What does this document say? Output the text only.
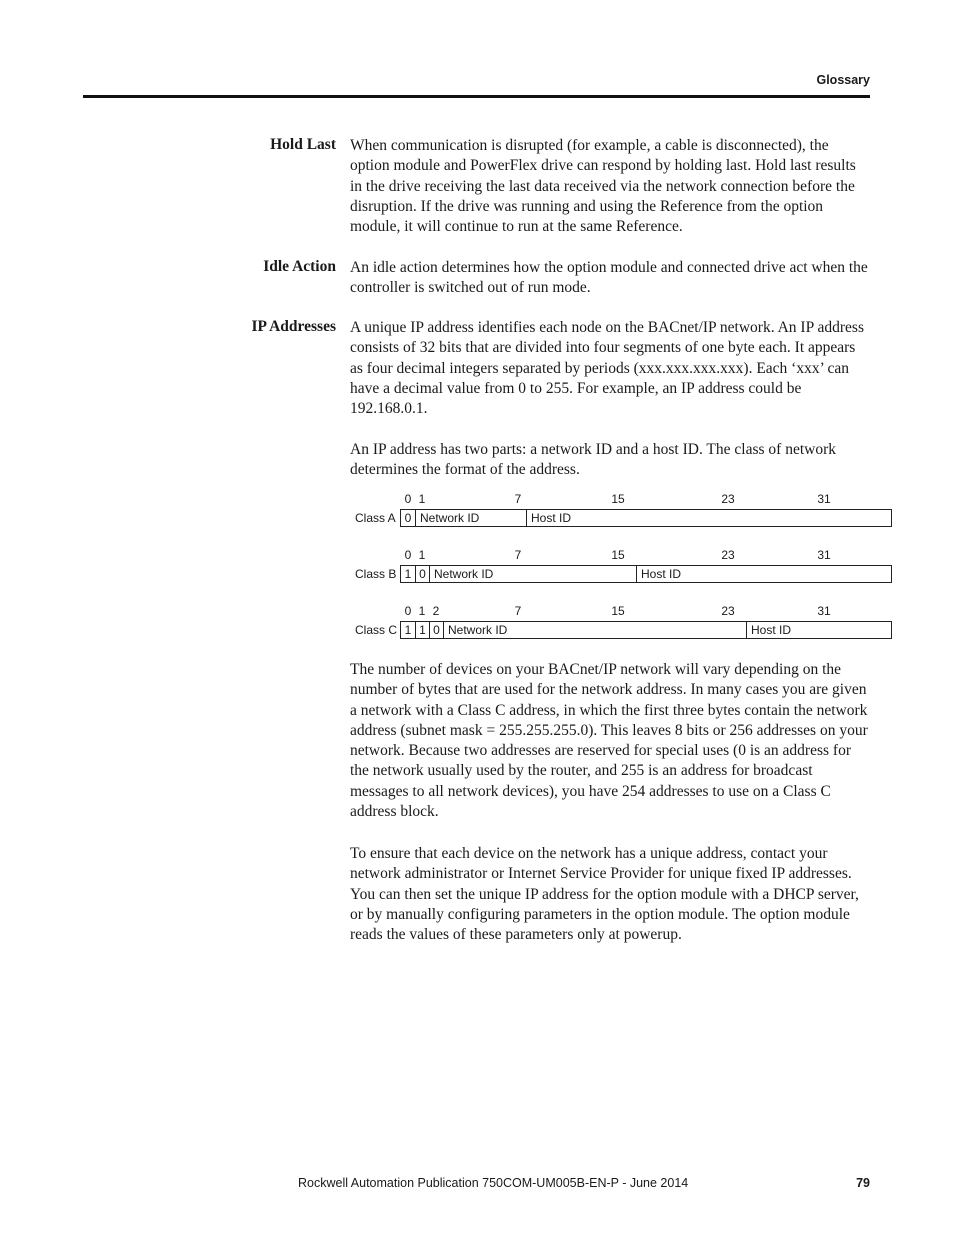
Glossary
Hold Last When communication is disrupted (for example, a cable is disconnected), the option module and PowerFlex drive can respond by holding last. Hold last results in the drive receiving the last data received via the network connection before the disruption. If the drive was running and using the Reference from the option module, it will continue to run at the same Reference.

Idle Action An idle action determines how the option module and connected drive act when the controller is switched out of run mode.

IP Addresses A unique IP address identifies each node on the BACnet/IP network. An IP address consists of 32 bits that are divided into four segments of one byte each. It appears as four decimal integers separated by periods (xxx.xxx.xxx.xxx). Each ‘xxx’ can have a decimal value from 0 to 255. For example, an IP address could be 192.168.0.1.

An IP address has two parts: a network ID and a host ID. The class of network determines the format of the address.

0 1	7	15	23	31
Class A 0 Network ID	Host ID
0 1	7	15	23	31
Class B 1 0 Network ID	Host ID
0 1 2	7	15	23	31
Class C 1 1 0 Network ID	Host ID

The number of devices on your BACnet/IP network will vary depending on the number of bytes that are used for the network address. In many cases you are given a network with a Class C address, in which the first three bytes contain the network address (subnet mask = 255.255.255.0). This leaves 8 bits or 256 addresses on your network. Because two addresses are reserved for special uses (0 is an address for the network usually used by the router, and 255 is an address for broadcast messages to all network devices), you have 254 addresses to use on a Class C address block.

To ensure that each device on the network has a unique address, contact your network administrator or Internet Service Provider for unique fixed IP addresses. You can then set the unique IP address for the option module with a DHCP server, or by manually configuring parameters in the option module. The option module reads the values of these parameters only at powerup.

Rockwell Automation Publication 750COM-UM005B-EN-P - June 2014	79
